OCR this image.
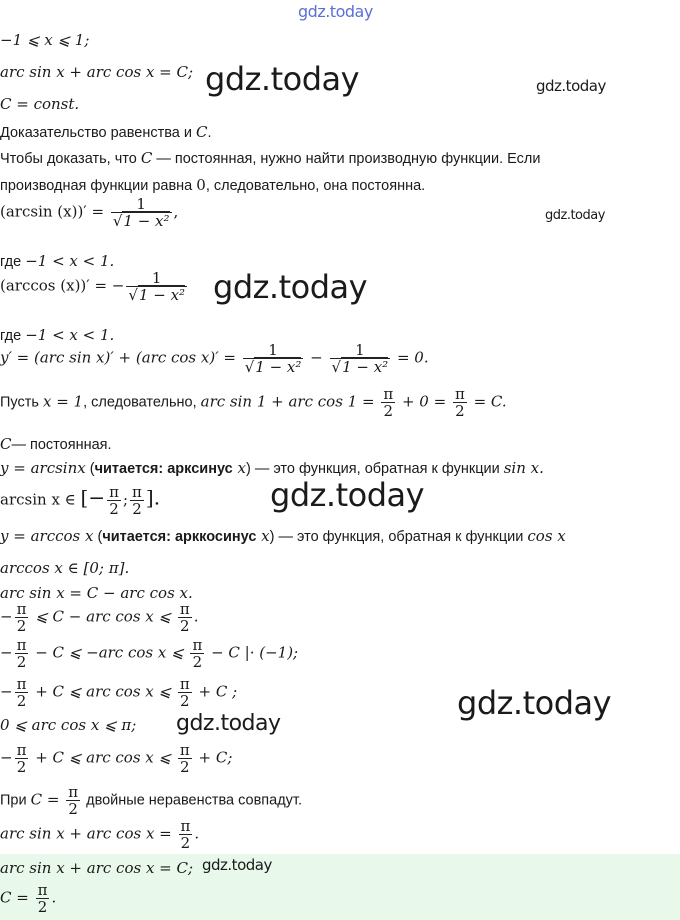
gdz.today
gdz.today	gdz.today
gdz.today
gdz.today
gdz.today
gdz.today
gdz.today
gdz.today
−1 ⩽ x ⩽ 1;
arc sin x + arc cos x = C;
C = const.
Доказательство равенства и C.
Чтобы доказать, что C — постоянная, нужно найти производную функции. Если
производная функции равна 0, следовательно, она постоянна.
(arcsin $(x))' = \frac{1}{\text{√1 − x²}}$ ,
где −1 < x < 1.
(arccos (x))′ = − $\frac{1}{\text{√1 − x²}}$
где −1 < x < 1.
y′ = (arc sin x)′ + (arc $\cos x)' = \frac{1}{\text{√1 − x²}} - \frac{1}{\text{√1 − x²}} = 0$.
Пусть x = 1, следовательно, arc sin 1 + arc $\cos 1 = \frac{\pi}{2} + 0 = \frac{\pi}{2} = C$.
C— постоянная.
y = arcsinx (читается: арксинус x) — это функция, обратная к функции sin x.
arcsin x ∈ [− $\frac{\pi}{2}$ ; $\frac{\pi}{2}$ ].
y = arccos x (читается: арккосинус x) — это функция, обратная к функции cos x
arccos x ∈ [0; π].
arc sin x = C − arc cos x.
− $\frac{\pi}{2}$ ⩽ C − arc cos x ⩽ $\frac{\pi}{2}$ .
− $\frac{\pi}{2} - C$ ⩽ −arc cos x ⩽ $\frac{\pi}{2} - C$ |· (−1);
− $\frac{\pi}{2} + C$ ⩽ arc cos x ⩽ $\frac{\pi}{2} + C$ ;
0 ⩽ arc cos x ⩽ π;
− $\frac{\pi}{2} + C$ ⩽ arc cos x ⩽ $\frac{\pi}{2} + C$;
При $C = \frac{\pi}{2}$ двойные неравенства совпадут.
arc sin x + arc $\cos x = \frac{\pi}{2}$ .
arc sin x + arc cos x = C;
$C = \frac{\pi}{2}$ .
